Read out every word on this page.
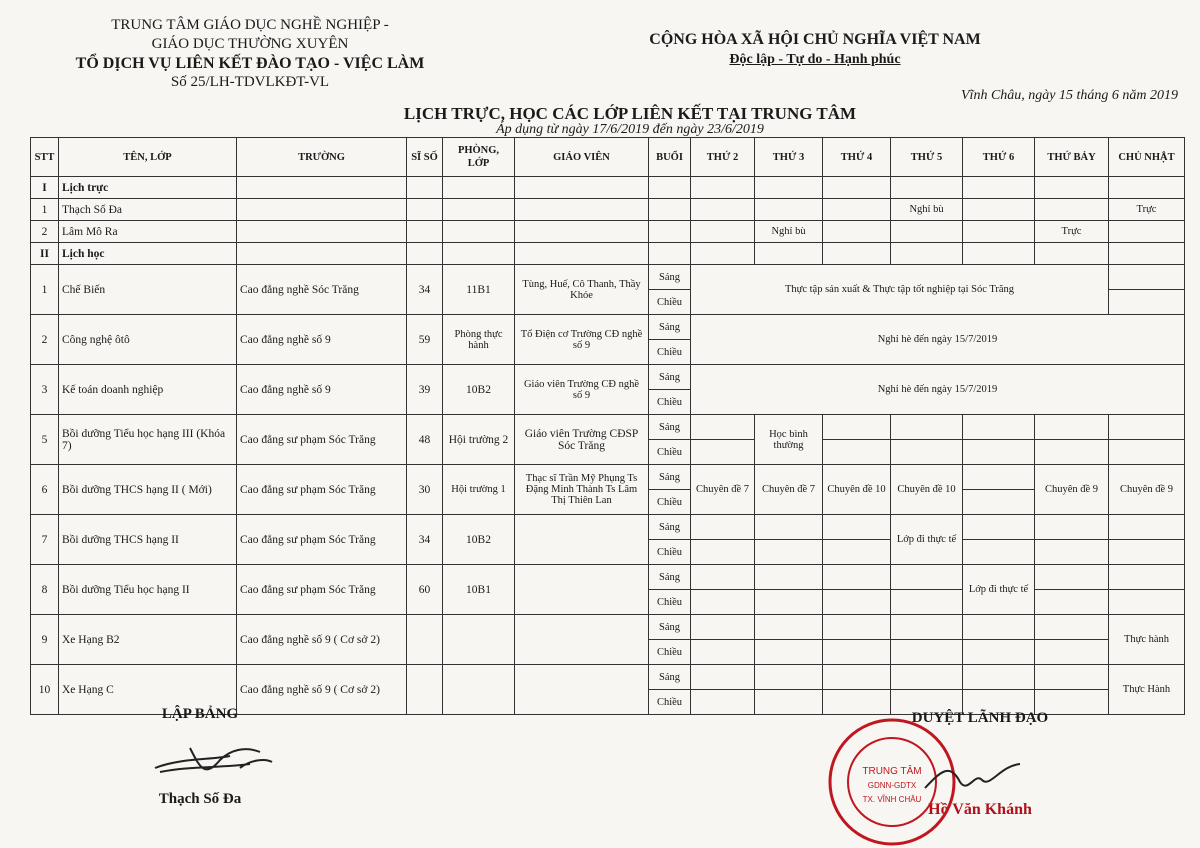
TRUNG TÂM GIÁO DỤC NGHỀ NGHIỆP -
GIÁO DỤC THƯỜNG XUYÊN
TỔ DỊCH VỤ LIÊN KẾT ĐÀO TẠO - VIỆC LÀM
Số 25/LH-TDVLKĐT-VL
CỘNG HÒA XÃ HỘI CHỦ NGHĨA VIỆT NAM
Độc lập - Tự do - Hạnh phúc
Vĩnh Châu, ngày 15 tháng 6 năm 2019
LỊCH TRỰC, HỌC CÁC LỚP LIÊN KẾT TẠI TRUNG TÂM
Áp dụng từ ngày 17/6/2019 đến ngày 23/6/2019
STT	TÊN, LỚP	TRƯỜNG	SĨ SỐ	PHÒNG, LỚP	GIÁO VIÊN	BUỔI	THỨ 2	THỨ 3	THỨ 4	THỨ 5	THỨ 6	THỨ BẢY	CHỦ NHẬT
I	Lịch trực												
1	Thạch Số Đa									Nghỉ bù			Trực
2	Lâm Mô Ra							Nghỉ bù				Trực	
II	Lịch học												
1	Chế Biến	Cao đẳng nghề Sóc Trăng	34	11B1	Tùng, Huế, Cô Thanh, Thầy Khỏe	Sáng	Thực tập sản xuất & Thực tập tốt nghiệp tại Sóc Trăng						
						Chiều							
2	Công nghệ ôtô	Cao đẳng nghề số 9	59	Phòng thực hành	Tổ Điện cơ Trường CĐ nghề số 9	Sáng	Nghỉ hè đến ngày 15/7/2019						
						Chiều							
3	Kế toán doanh nghiệp	Cao đẳng nghề số 9	39	10B2	Giáo viên Trường CĐ nghề số 9	Sáng	Nghỉ hè đến ngày 15/7/2019						
						Chiều							
5	Bồi dưỡng Tiểu học hạng III (Khóa 7)	Cao đẳng sư phạm Sóc Trăng	48	Hội trường 2	Giáo viên Trường CĐSP Sóc Trăng	Sáng		Học bình thường					
						Chiều							
6	Bồi dưỡng THCS hạng II ( Mới)	Cao đẳng sư phạm Sóc Trăng	30	Hội trường 1	Thạc sĩ Trần Mỹ Phụng Ts Đặng Minh Thành Ts Lâm Thị Thiên Lan	Sáng	Chuyên đề 7	Chuyên đề 7	Chuyên đề 10	Chuyên đề 10		Chuyên đề 9	Chuyên đề 9
						Chiều							
7	Bồi dưỡng THCS hạng II	Cao đẳng sư phạm Sóc Trăng	34	10B2		Sáng				Lớp đi thực tế			
						Chiều							
8	Bồi dưỡng Tiểu học hạng II	Cao đẳng sư phạm Sóc Trăng	60	10B1		Sáng					Lớp đi thực tế		
						Chiều							
9	Xe Hạng B2	Cao đẳng nghề số 9 ( Cơ sở 2)				Sáng							Thực hành
						Chiều							
10	Xe Hạng C	Cao đẳng nghề số 9 ( Cơ sở 2)				Sáng							Thực Hành
						Chiều							
LẬP BẢNG
Thạch Số Đa
DUYỆT LÃNH ĐẠO
Hồ Văn Khánh
TRUNG TÂM
GDNN-GDTX
TX. VĨNH CHÂU
